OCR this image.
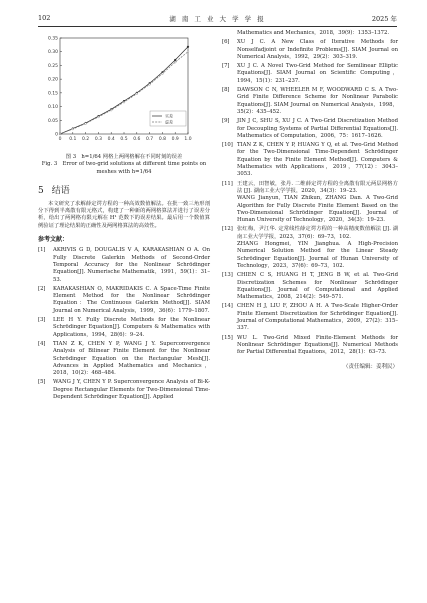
102	湖 南 工 业 大 学 学 报	2025 年
0 0.1 0.2 0.3 0.4 0.5 0.6 0.7 0.8 0.9 1.0
0
0.05
0.10
0.15
0.20
0.25
0.30
0.35
实差
虚差

图 3　h=1/64 网格上两网格解在不同时刻的误差

Fig. 3　Error of two-grid solutions at different time points on

meshes with h=1/64

5 结语

本文研究了求解薛定谔方程的一种高效数值解法。在批一致三角形剖分下得到半离散有限元格式，构建了一种新的两网格算法并进行了误差分析，给出了两网格有限元解在 H¹ 范数下的误差结果。最后用一个数值算例验证了理论结果的正确性及两网格算法的高效性。

参考文献：
[1]	AKRIVIS G D, DOUGALIS V A, KARAKASHIAN O A. On Fully Discrete Galerkin Methods of Second-Order Temporal Accuracy for the Nonlinear Schrödinger Equation[J]. Numerische Mathematik，1991，59(1)：31–53.
[2]	KARAKASHIAN O, MAKRIDAKIS C. A Space-Time Finite Element Method for the Nonlinear Schrödinger Equation：The Continuous Galerkin Method[J]. SIAM Journal on Numerical Analysis，1999，36(6)：1779–1807.
[3]	LEE H Y. Fully Discrete Methods for the Nonlinear Schrödinger Equation[J]. Computers & Mathematics with Applications，1994，28(6)：9–24.
[4]	TIAN Z K, CHEN Y P, WANG J Y. Superconvergence Analysis of Bilinear Finite Element for the Nonlinear Schrödinger Equation on the Rectangular Mesh[J]. Advances in Applied Mathematics and Mechanics，2018，10(2)：468–484.
[5]	WANG J Y, CHEN Y P. Superconvergence Analysis of Bi-K-Degree Rectangular Elements for Two-Dimensional Time-Dependent Schrödinger Equation[J]. Applied
Mathematics and Mechanics，2018，39(9)：1353–1372.
[6]	XU J C. A New Class of Iterative Methods for Nonselfadjoint or Indefinite Problems[J]. SIAM Journal on Numerical Analysis，1992，29(2)：303–319.
[7]	XU J C. A Novel Two-Grid Method for Semilinear Elliptic Equations[J]. SIAM Journal on Scientific Computing，1994，15(1)：231–237.
[8]	DAWSON C N, WHEELER M F, WOODWARD C S. A Two-Grid Finite Difference Scheme for Nonlinear Parabolic Equations[J]. SIAM Journal on Numerical Analysis，1998，35(2)：435–452.
[9]	JIN J C, SHU S, XU J C. A Two-Grid Discretization Method for Decoupling Systems of Partial Differential Equations[J]. Mathematics of Computation，2006，75：1617–1626.
[10] TIAN Z K, CHEN Y P, HUANG Y Q, et al. Two-Grid Method for the Two-Dimensional Time-Dependent Schrödinger Equation by the Finite Element Method[J]. Computers & Mathematics with Applications，2019，77(12)：3043–3053.
[11] 王建云，田智敏，张丹. 二维薛定谔方程的全离散有限元两层网格方法 [J]. 湖南工业大学学报，2020，34(3)：19–23.
WANG Jianyun, TIAN Zhikun, ZHANG Dan. A Two-Grid Algorithm for Fully Discrete Finite Element Based on the Two-Dimensional Schrödinger Equation[J]. Journal of Hunan University of Technology，2020，34(3)：19–23.
[12] 张红梅，尹江华. 定常线性薛定谔方程的一种高精度数值解法 [J]. 湖南工业大学学报，2023，37(6)：69–73，102.
ZHANG Hongmei, YIN Jianghua. A High-Precision Numerical Solution Method for the Linear Steady Schrödinger Equation[J]. Journal of Hunan University of Technology，2023，37(6)：69–73，102.
[13] CHIEN C S, HUANG H T, JENG B W, et al. Two-Grid Discretization Schemes for Nonlinear Schrödinger Equations[J]. Journal of Computational and Applied Mathematics，2008，214(2)：549–571.
[14] CHEN H J, LIU F, ZHOU A H. A Two-Scale Higher-Order Finite Element Discretization for Schrödinger Equation[J]. Journal of Computational Mathematics，2009，27(2)：315–337.
[15] WU L. Two-Grid Mixed Finite-Element Methods for Nonlinear Schrödinger Equations[J]. Numerical Methods for Partial Differential Equations，2012，28(1)：63–73.
（责任编辑：姜利民）
